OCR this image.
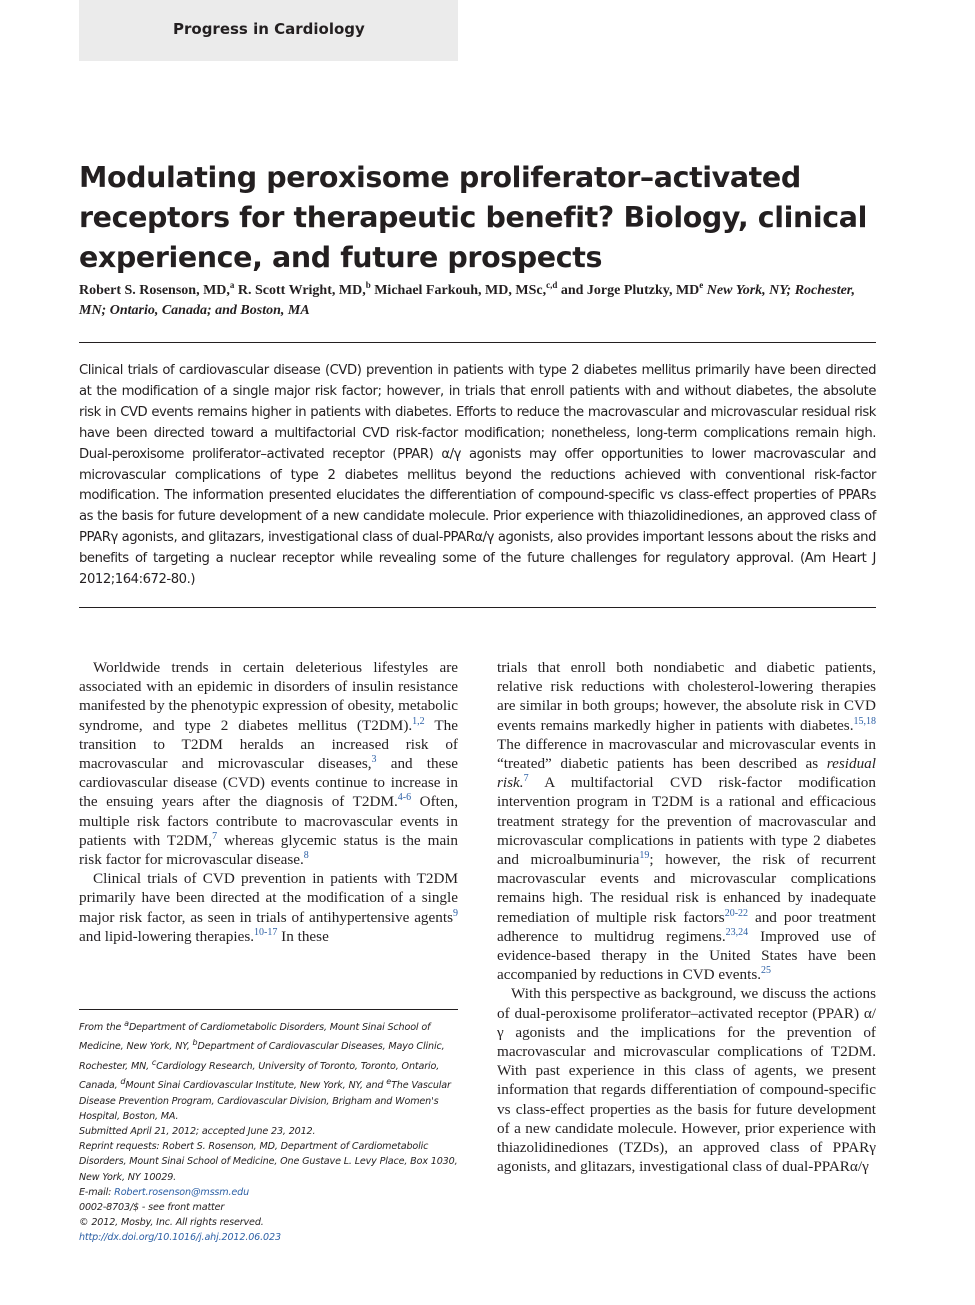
Progress in Cardiology
Modulating peroxisome proliferator–activated receptors for therapeutic benefit? Biology, clinical experience, and future prospects
Robert S. Rosenson, MD,$^a$ R. Scott Wright, MD,$^b$ Michael Farkouh, MD, MSc,$^{c,d}$ and Jorge Plutzky, MDe New York, NY; Rochester, MN; Ontario, Canada; and Boston, MA

Clinical trials of cardiovascular disease (CVD) prevention in patients with type 2 diabetes mellitus primarily have been directed at the modification of a single major risk factor; however, in trials that enroll patients with and without diabetes, the absolute risk in CVD events remains higher in patients with diabetes. Efforts to reduce the macrovascular and microvascular residual risk have been directed toward a multifactorial CVD risk-factor modification; nonetheless, long-term complications remain high. Dual-peroxisome proliferator–activated receptor (PPAR) α/γ agonists may offer opportunities to lower macrovascular and microvascular complications of type 2 diabetes mellitus beyond the reductions achieved with conventional risk-factor modification. The information presented elucidates the differentiation of compound-specific vs class-effect properties of PPARs as the basis for future development of a new candidate molecule. Prior experience with thiazolidinediones, an approved class of PPARγ agonists, and glitazars, investigational class of dual-PPARα/γ agonists, also provides important lessons about the risks and benefits of targeting a nuclear receptor while revealing some of the future challenges for regulatory approval. (Am Heart J 2012;164:672-80.)

Worldwide trends in certain deleterious lifestyles are associated with an epidemic in disorders of insulin resistance manifested by the phenotypic expression of obesity, metabolic syndrome, and type 2 diabetes mellitus (T2DM).$^{1,2}$ The transition to T2DM heralds an increased risk of macrovascular and microvascular diseases,$^3$ and these cardiovascular disease (CVD) events continue to increase in the ensuing years after the diagnosis of T2DM.$^{4-6}$ Often, multiple risk factors contribute to macrovascular events in patients with T2DM,$^7$ whereas glycemic status is the main risk factor for microvascular disease.$^8$

Clinical trials of CVD prevention in patients with T2DM primarily have been directed at the modification of a single major risk factor, as seen in trials of antihypertensive agents$^9$ and lipid-lowering therapies.$^{10-17}$ In these

trials that enroll both nondiabetic and diabetic patients, relative risk reductions with cholesterol-lowering therapies are similar in both groups; however, the absolute risk in CVD events remains markedly higher in patients with diabetes.$^{15,18}$ The difference in macrovascular and microvascular events in “treated” diabetic patients has been described as residual risk.$^7$ A multifactorial CVD risk-factor modification intervention program in T2DM is a rational and efficacious treatment strategy for the prevention of macrovascular and microvascular complications in patients with type 2 diabetes and microalbuminuria$^{19}$; however, the risk of recurrent macrovascular events and microvascular complications remains high. The residual risk is enhanced by inadequate remediation of multiple risk factors$^{20-22}$ and poor treatment adherence to multidrug regimens.$^{23,24}$ Improved use of evidence-based therapy in the United States have been accompanied by reductions in CVD events.$^{25}$

With this perspective as background, we discuss the actions of dual-peroxisome proliferator–activated receptor (PPAR) α/γ agonists and the implications for the prevention of macrovascular and microvascular complications of T2DM. With past experience in this class of agents, we present information that regards differentiation of compound-specific vs class-effect properties as the basis for future development of a new candidate molecule. However, prior experience with thiazolidinediones (TZDs), an approved class of PPARγ agonists, and glitazars, investigational class of dual-PPARα/γ

From the $^a$Department of Cardiometabolic Disorders, Mount Sinai School of Medicine, New York, NY, $^b$Department of Cardiovascular Diseases, Mayo Clinic, Rochester, MN, $^c$Cardiology Research, University of Toronto, Toronto, Ontario, Canada, $^d$Mount Sinai Cardiovascular Institute, New York, NY, and $^e$The Vascular Disease Prevention Program, Cardiovascular Division, Brigham and Women's Hospital, Boston, MA.

Submitted April 21, 2012; accepted June 23, 2012.

Reprint requests: Robert S. Rosenson, MD, Department of Cardiometabolic Disorders, Mount Sinai School of Medicine, One Gustave L. Levy Place, Box 1030, New York, NY 10029.

E-mail: Robert.rosenson@mssm.edu

0002-8703/$ - see front matter

© 2012, Mosby, Inc. All rights reserved.

http://dx.doi.org/10.1016/j.ahj.2012.06.023
